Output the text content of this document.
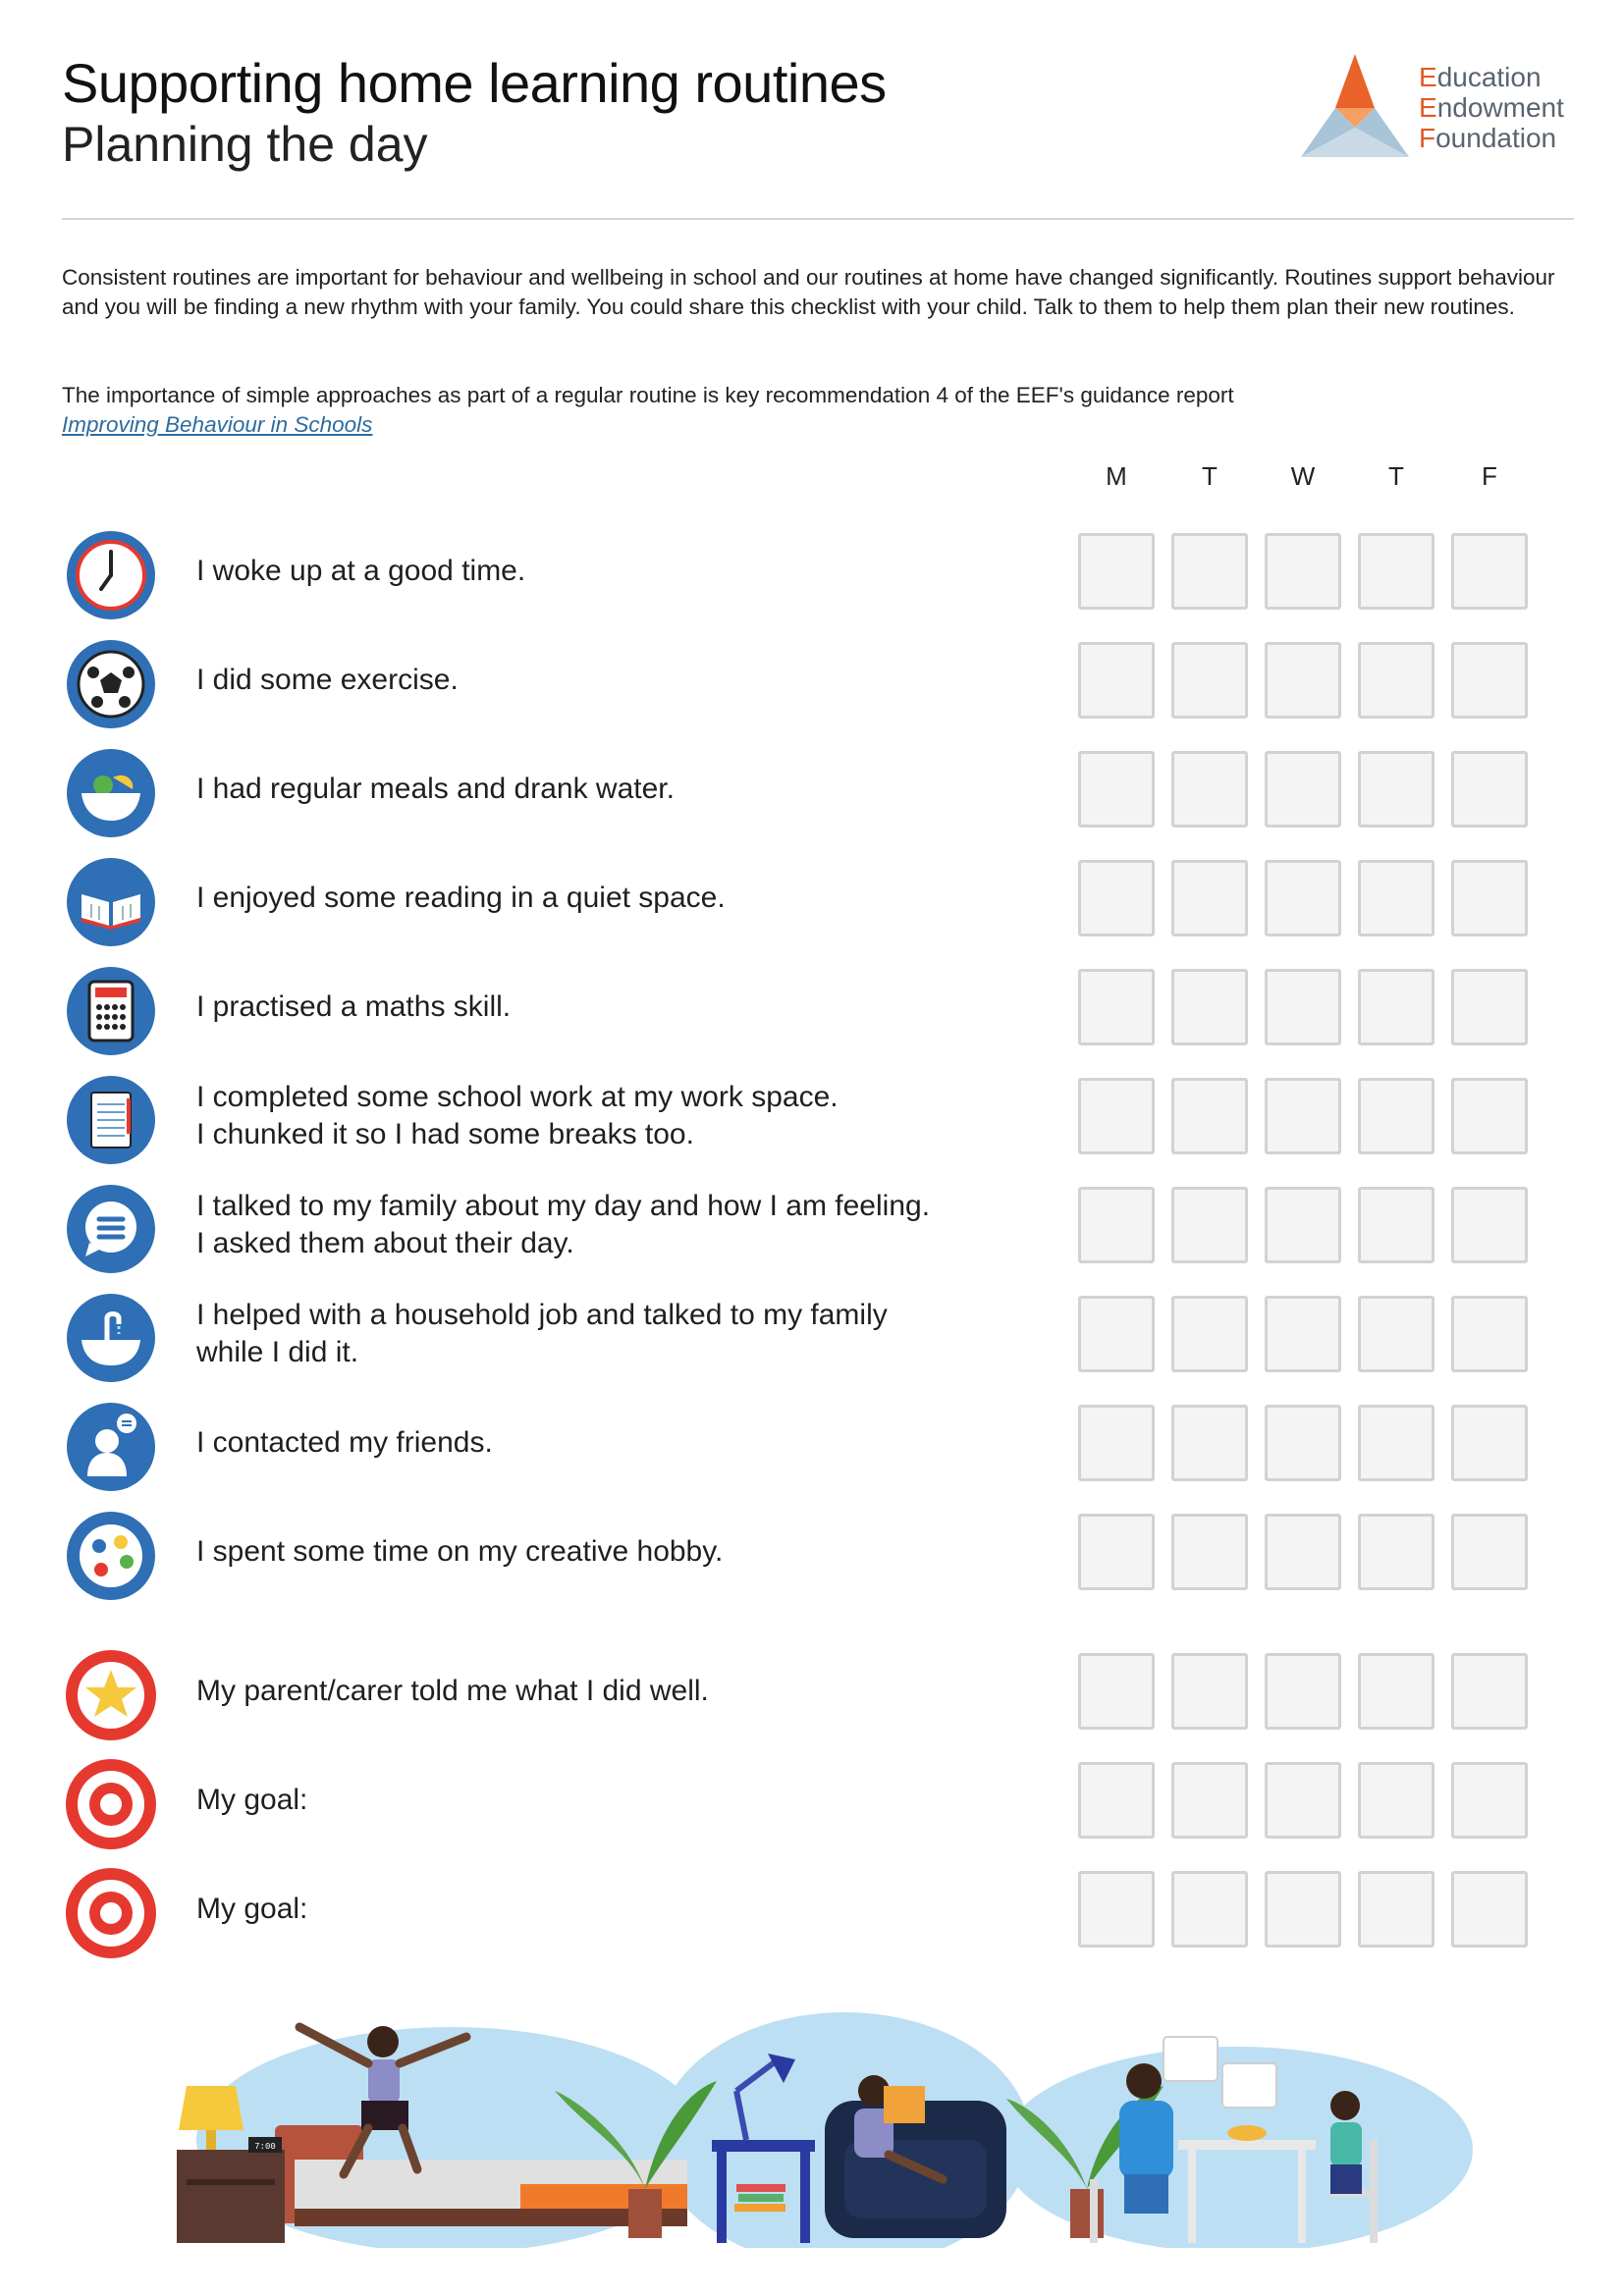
Supporting home learning routines
Planning the day
Education
Endowment
Foundation

Consistent routines are important for behaviour and wellbeing in school and our routines at home have changed significantly. Routines support behaviour and you will be finding a new rhythm with your family. You could share this checklist with your child. Talk to them to help them plan their new routines.

The importance of simple approaches as part of a regular routine is key recommendation 4 of the EEF's guidance report
Improving Behaviour in Schools

M	T	W	T	F
I woke up at a good time.
I did some exercise.
I had regular meals and drank water.
I enjoyed some reading in a quiet space.
I practised a maths skill.
I completed some school work at my work space.
I chunked it so I had some breaks too.
I talked to my family about my day and how I am feeling.
I asked them about their day.
I helped with a household job and talked to my family
while I did it.
I contacted my friends.
I spent some time on my creative hobby.
My parent/carer told me what I did well.
My goal:
My goal:
7:00
